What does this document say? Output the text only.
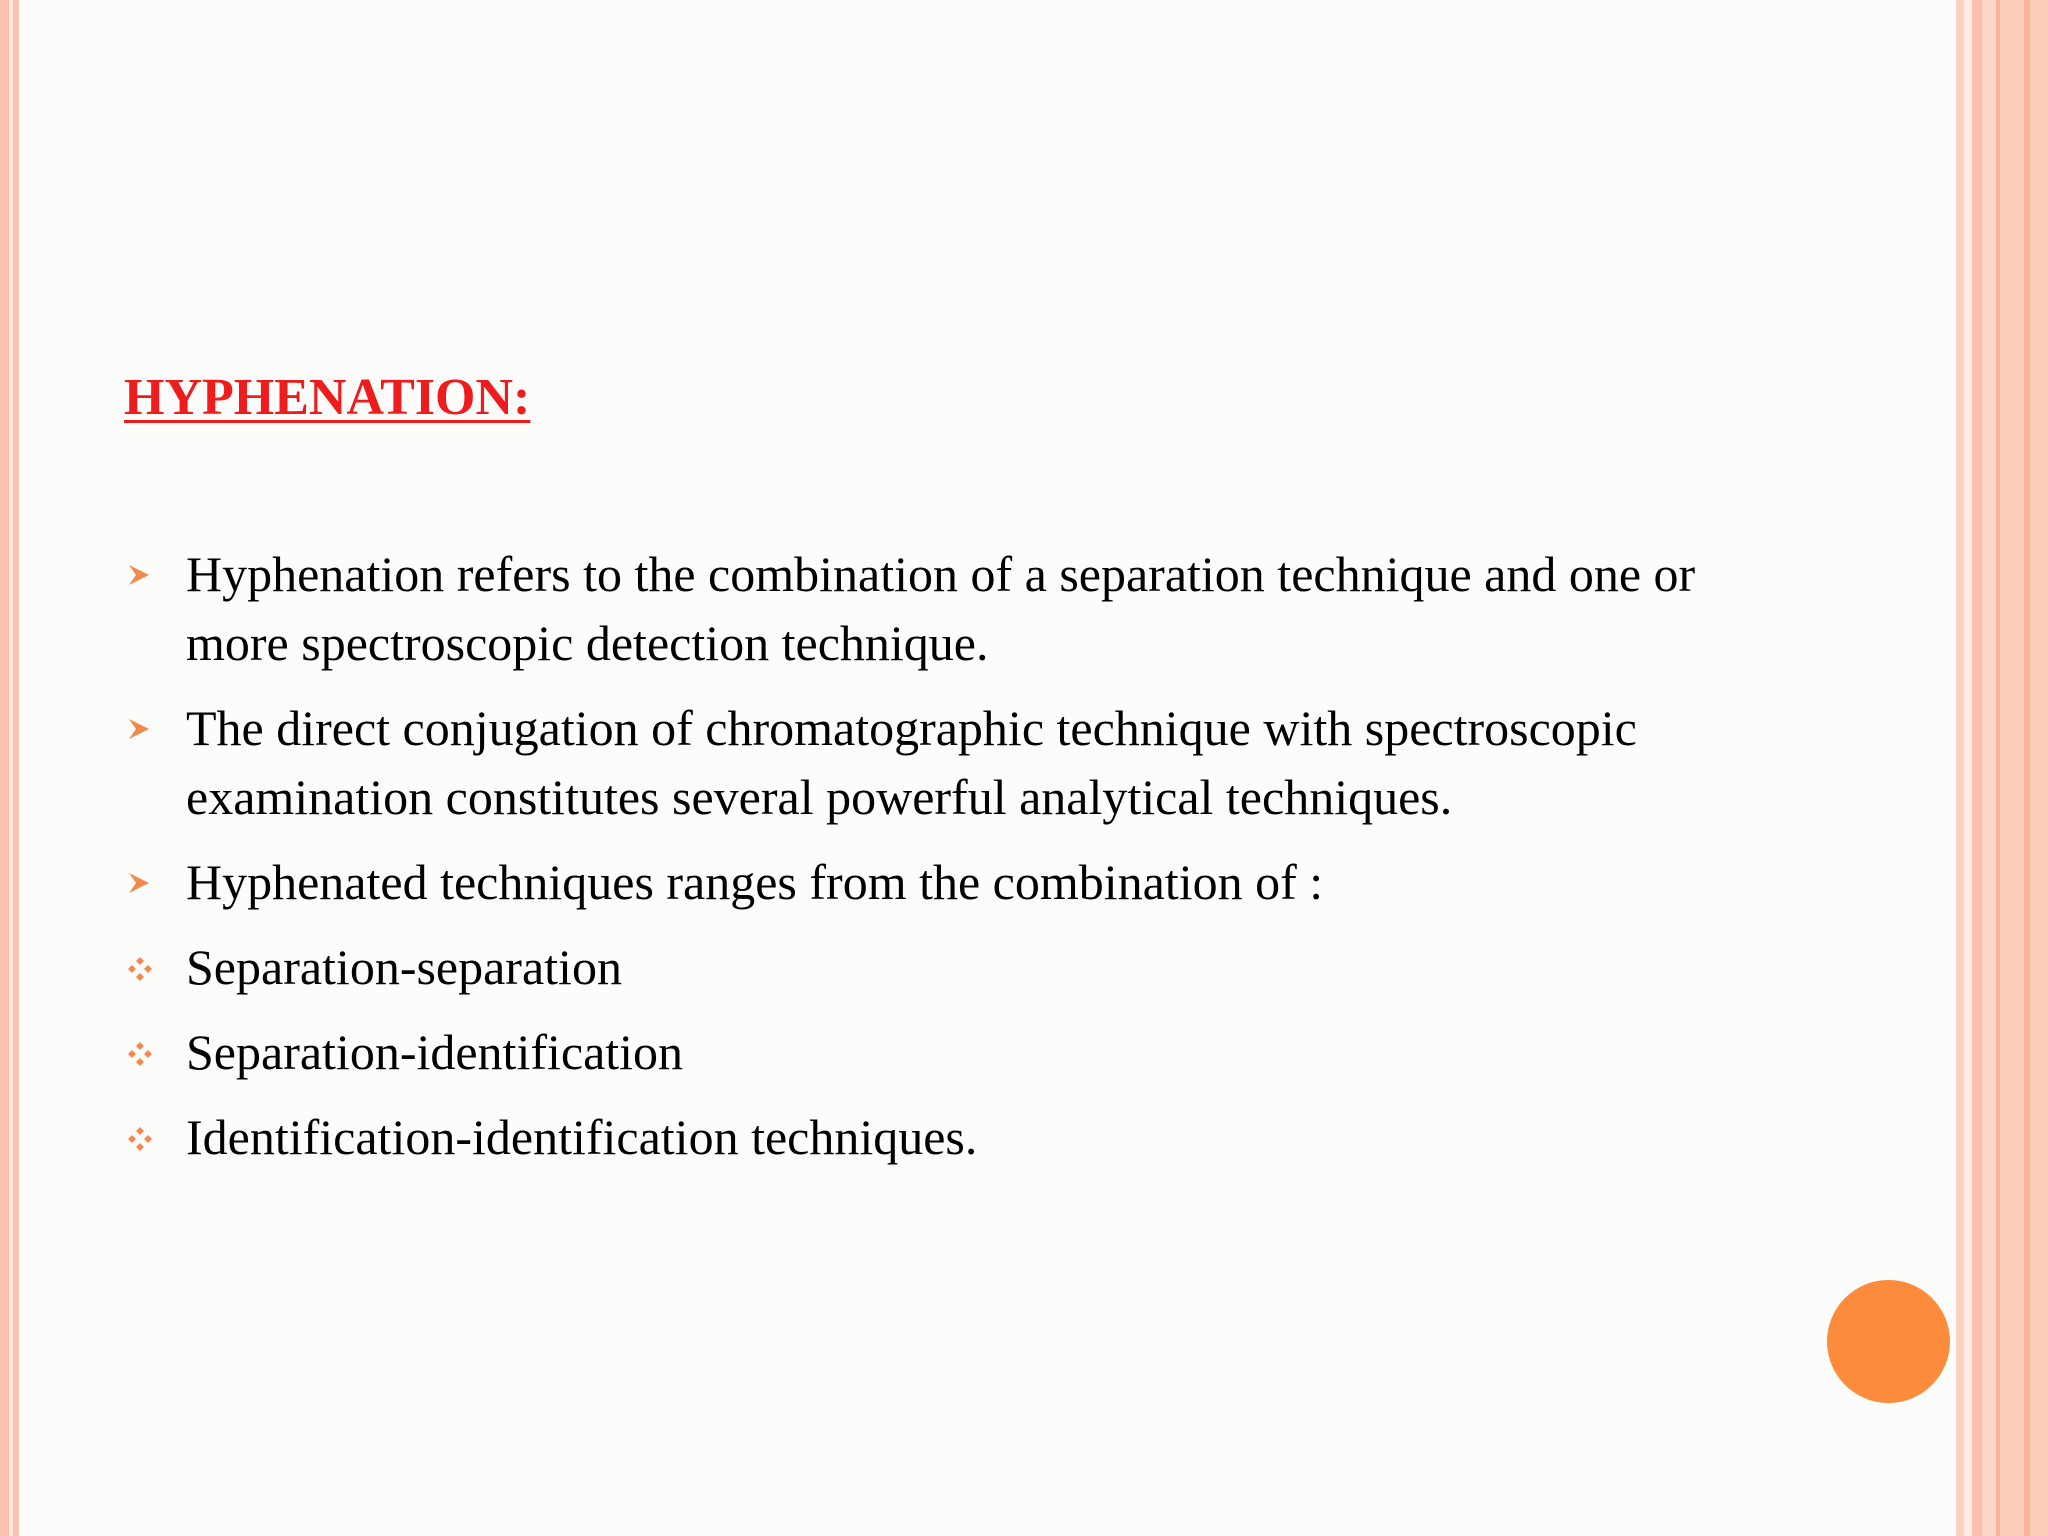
HYPHENATION:
Hyphenation refers to the combination of a separation technique and one or more spectroscopic detection technique.
The direct conjugation of chromatographic technique with spectroscopic examination constitutes several powerful analytical techniques.
Hyphenated techniques ranges from the combination of :
Separation-separation
Separation-identification
Identification-identification techniques.
